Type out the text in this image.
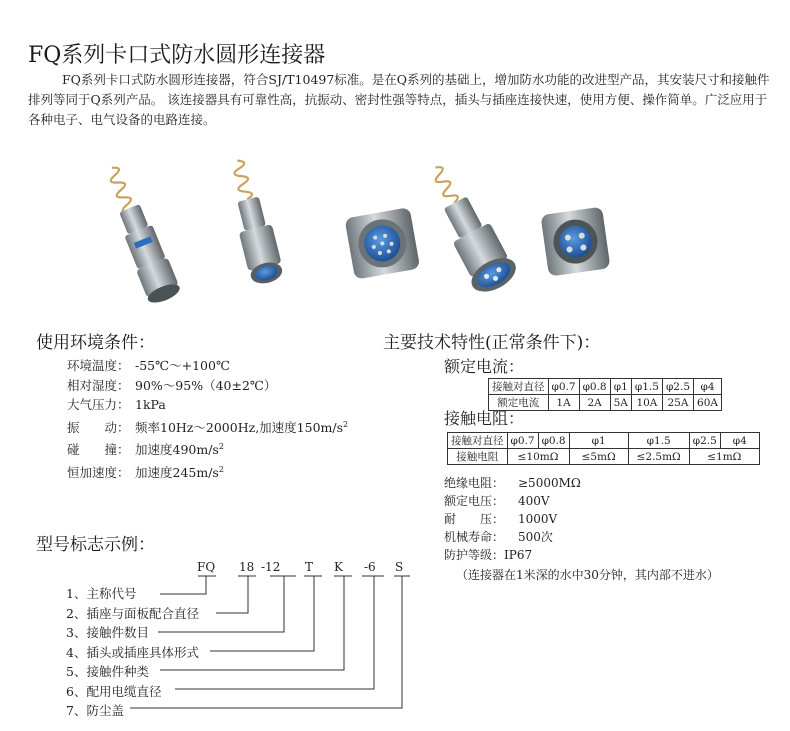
FQ系列卡口式防水圆形连接器

FQ系列卡口式防水圆形连接器，符合SJ/T10497标准。是在Q系列的基础上，增加防水功能的改进型产品，其安装尺寸和接触件排列等同于Q系列产品。 该连接器具有可靠性高，抗振动、密封性强等特点，插头与插座连接快速，使用方便、操作简单。广泛应用于各种电子、电气设备的电路连接。

使用环境条件：
环境温度： -55℃～+100℃
相对湿度： 90%～95%（40±2℃）
大气压力： 1kPa
振　　动： 频率10Hz～2000Hz,加速度$150m/s^2$
碰　　撞： 加速度$490m/s^2$
恒加速度： 加速度$245m/s^2$
主要技术特性(正常条件下)：
额定电流：
接触对直径	φ0.7	φ0.8	φ1	φ1.5	φ2.5	φ4
额定电流	1A	2A	5A	10A	25A	60A
接触电阻：
接触对直径	φ0.7	φ0.8	φ1	φ1.5	φ2.5	φ4
接触电阻	≤10mΩ		≤5mΩ	≤2.5mΩ	≤1mΩ	
绝缘电阻： ≥5000MΩ
额定电压： 400V
耐　　压： 1000V
机械寿命： 500次
防护等级：IP67
（连接器在1米深的水中30分钟，其内部不进水）
型号标志示例：
FQ 18 -12 T K -6 S
1、主称代号
2、插座与面板配合直径
3、接触件数目
4、插头或插座具体形式
5、接触件种类
6、配用电缆直径
7、防尘盖
